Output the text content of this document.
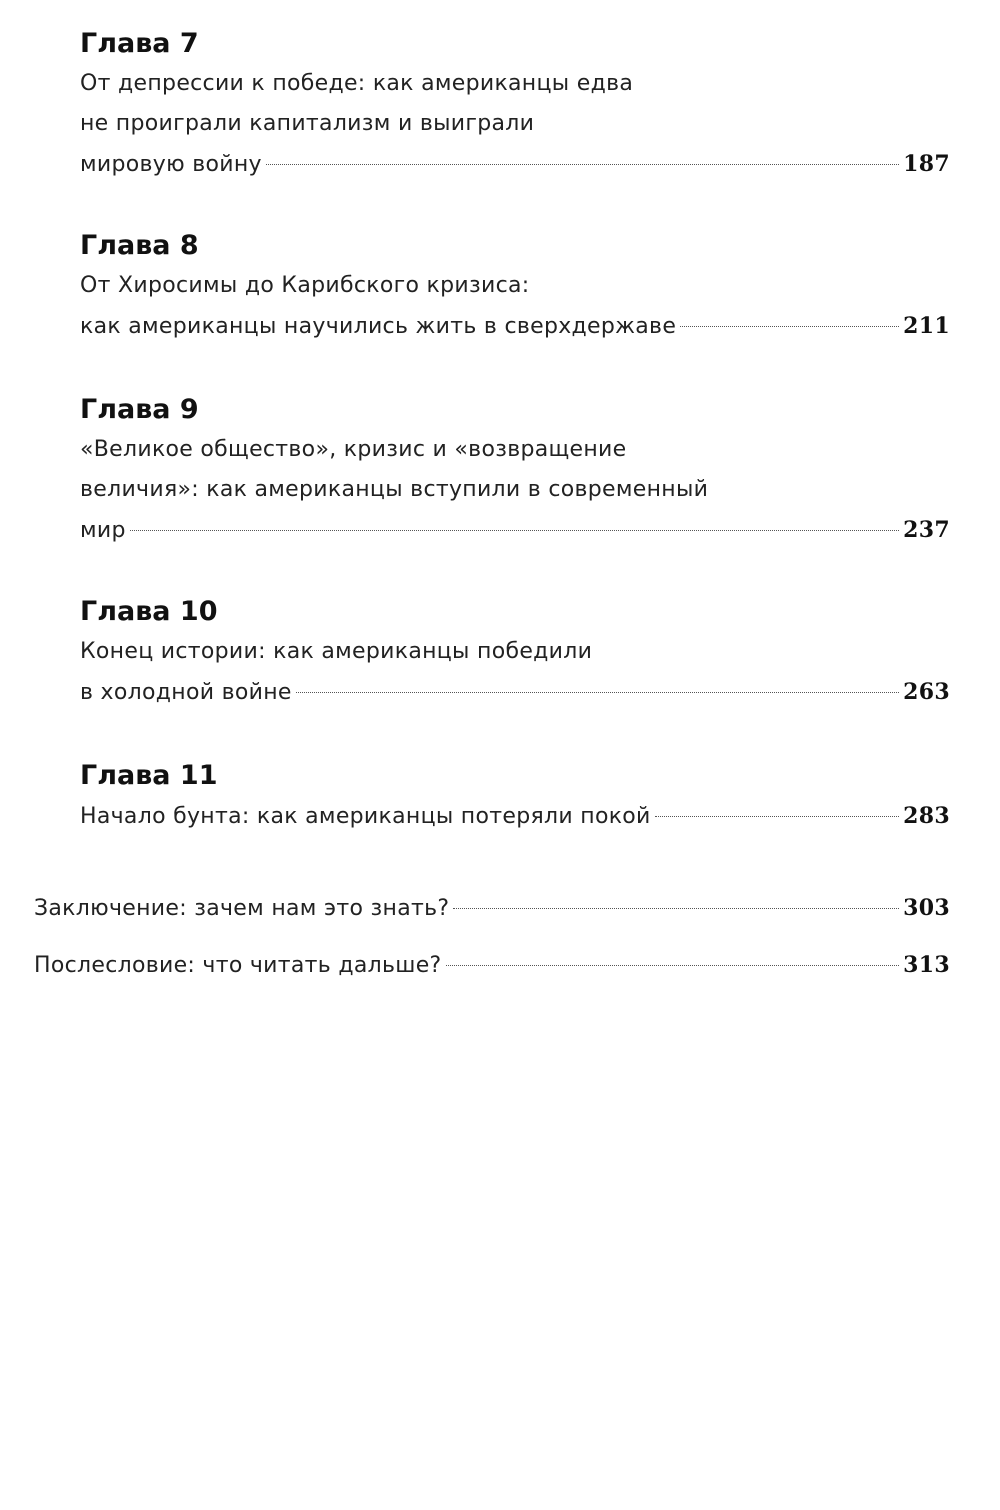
Глава 7
От депрессии к победе: как американцы едва
не проиграли капитализм и выиграли
мировую войну	187
Глава 8
От Хиросимы до Карибского кризиса:
как американцы научились жить в сверхдержаве	211
Глава 9
«Великое общество», кризис и «возвращение
величия»: как американцы вступили в современный
мир	237
Глава 10
Конец истории: как американцы победили
в холодной войне	263
Глава 11
Начало бунта: как американцы потеряли покой	283
Заключение: зачем нам это знать?	303
Послесловие: что читать дальше?	313
